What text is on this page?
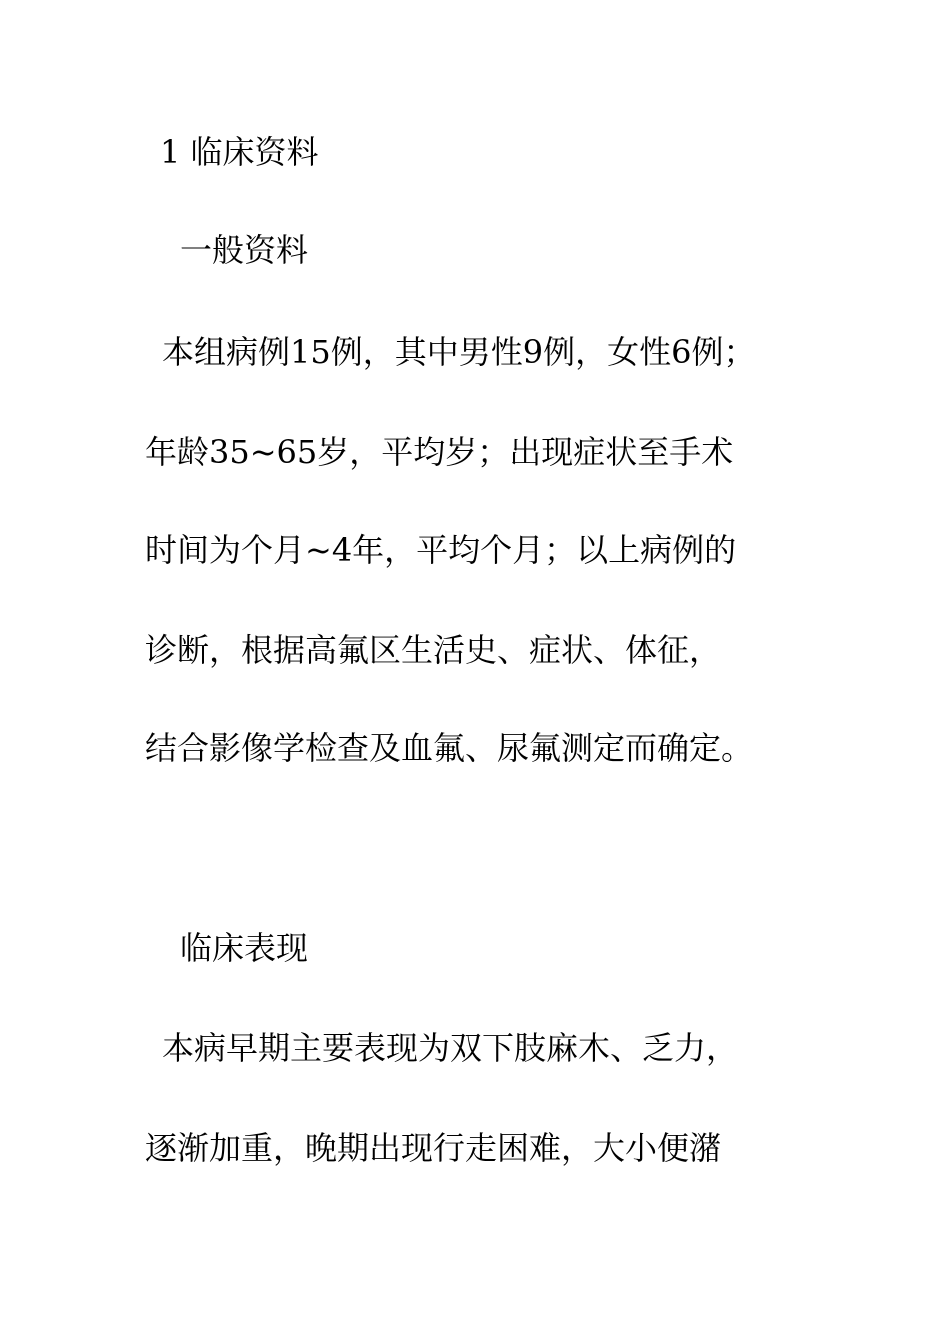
1 临床资料
一般资料
本组病例15例，其中男性9例，女性6例；
年龄35~65岁，平均岁；出现症状至手术
时间为个月~4年，平均个月；以上病例的
诊断，根据高氟区生活史、症状、体征，
结合影像学检查及血氟、尿氟测定而确定。
临床表现
本病早期主要表现为双下肢麻木、乏力，
逐渐加重，晚期出现行走困难，大小便潴
